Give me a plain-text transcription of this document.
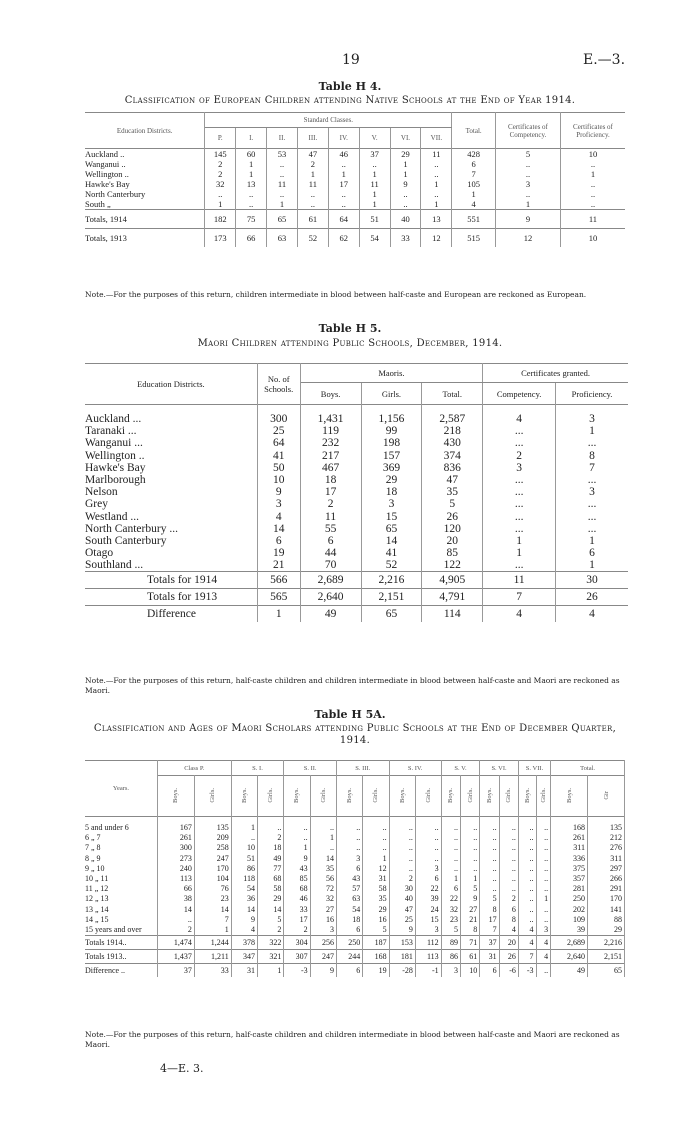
19	E.—3.
Table H 4.
Classification of European Children attending Native Schools at the End of Year 1914.
Education Districts.	Standard Classes.								Total.	Certificates of Competency.	Certificates of Proficiency.
	P.	I.	II.	III.	IV.	V.	VI.	VII.			
Auckland ..	145	60	53	47	46	37	29	11	428	5	10
Wanganui ..	2	1	..	2	..	..	1	..	6	..	..
Wellington ..	2	1	..	1	1	1	1	..	7	..	1
Hawke's Bay	32	13	11	11	17	11	9	1	105	3	..
North Canterbury	..	..	..	..	..	1	..	..	1	..	..
South „	1	..	1	..	..	1	..	1	4	1	..
Totals, 1914	182	75	65	61	64	51	40	13	551	9	11
Totals, 1913	173	66	63	52	62	54	33	12	515	12	10
Note.—For the purposes of this return, children intermediate in blood between half-caste and European are reckoned as European.
Table H 5.
Maori Children attending Public Schools, December, 1914.
Education Districts.	No. of Schools.	Maoris.			Certificates granted.	
		Boys.	Girls.	Total.	Competency.	Proficiency.
Auckland ...	300	1,431	1,156	2,587	4	3
Taranaki ...	25	119	99	218	...	1
Wanganui ...	64	232	198	430	...	...
Wellington ..	41	217	157	374	2	8
Hawke's Bay	50	467	369	836	3	7
Marlborough	10	18	29	47	...	...
Nelson	9	17	18	35	...	3
Grey	3	2	3	5	...	...
Westland ...	4	11	15	26	...	...
North Canterbury ...	14	55	65	120	...	...
South Canterbury	6	6	14	20	1	1
Otago	19	44	41	85	1	6
Southland ...	21	70	52	122	...	1
Totals for 1914	566	2,689	2,216	4,905	11	30
Totals for 1913	565	2,640	2,151	4,791	7	26
Difference	1	49	65	114	4	4
Note.—For the purposes of this return, half-caste children and children intermediate in blood between half-caste and Maori are reckoned as Maori.
Table H 5A.
Classification and Ages of Maori Scholars attending Public Schools at the End of December Quarter, 1914.
Years.	Class P.		S. I.		S. II.		S. III.		S. IV.		S. V.		S. VI.		S. VII.		Total.	
	Boys.	Girls.	Boys.	Girls.	Boys.	Girls.	Boys.	Girls.	Boys.	Girls.	Boys.	Girls.	Boys.	Girls.	Boys.	Girls.	Boys.	Gir
5 and under 6	167	135	1	..	..	..	..	..	..	..	..	..	..	..	..	..	168	135
6 „ 7	261	209	..	2	..	1	..	..	..	..	..	..	..	..	..	..	261	212
7 „ 8	300	258	10	18	1	..	..	..	..	..	..	..	..	..	..	..	311	276
8 „ 9	273	247	51	49	9	14	3	1	..	..	..	..	..	..	..	..	336	311
9 „ 10	240	170	86	77	43	35	6	12	..	3	..	..	..	..	..	..	375	297
10 „ 11	113	104	118	68	85	56	43	31	2	6	1	1	..	..	..	..	357	266
11 „ 12	66	76	54	58	68	72	57	58	30	22	6	5	..	..	..	..	281	291
12 „ 13	38	23	36	29	46	32	63	35	40	39	22	9	5	2	..	1	250	170
13 „ 14	14	14	14	14	33	27	54	29	47	24	32	27	8	6	..	..	202	141
14 „ 15	..	7	9	5	17	16	18	16	25	15	23	21	17	8	..	..	109	88
15 years and over	2	1	4	2	2	3	6	5	9	3	5	8	7	4	4	3	39	29
Totals 1914..	1,474	1,244	378	322	304	256	250	187	153	112	89	71	37	20	4	4	2,689	2,216
Totals 1913..	1,437	1,211	347	321	307	247	244	168	181	113	86	61	31	26	7	4	2,640	2,151
Difference ..	37	33	31	1	-3	9	6	19	-28	-1	3	10	6	-6	-3	..	49	65
Note.—For the purposes of this return, half-caste children and children intermediate in blood between half-caste and Maori are reckoned as Maori.
4—E. 3.
